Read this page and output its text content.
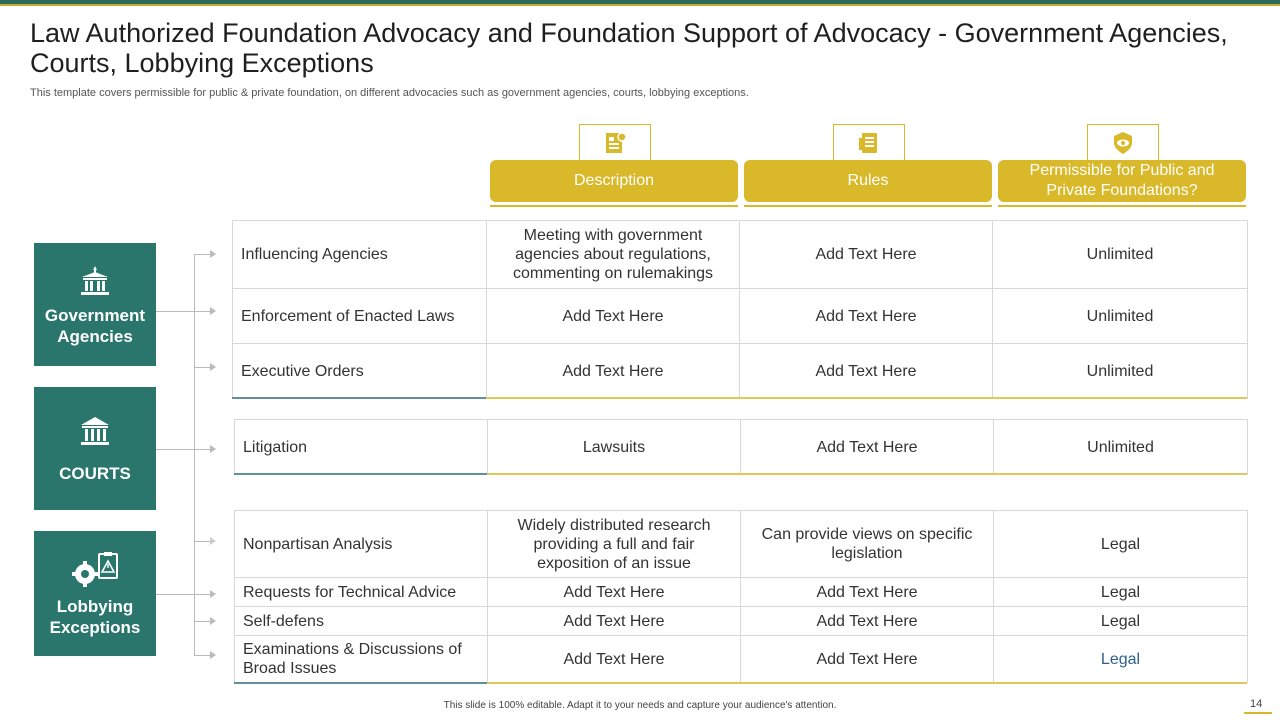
Law Authorized Foundation Advocacy and Foundation Support of Advocacy - Government Agencies, Courts, Lobbying Exceptions
This template covers permissible for public & private foundation, on different advocacies such as government agencies, courts, lobbying exceptions.
Description	Rules
Permissible for Public and Private Foundations?
Government Agencies
COURTS
Lobbying Exceptions
Influencing Agencies	Meeting with government agencies about regulations, commenting on rulemakings	Add Text Here	Unlimited
Enforcement of Enacted Laws	Add Text Here	Add Text Here	Unlimited
Executive Orders	Add Text Here	Add Text Here	Unlimited
Litigation	Lawsuits	Add Text Here	Unlimited
Nonpartisan Analysis	Widely distributed research providing a full and fair exposition of an issue	Can provide views on specific legislation	Legal
Requests for Technical Advice	Add Text Here	Add Text Here	Legal
Self-defens	Add Text Here	Add Text Here	Legal
Examinations & Discussions of Broad Issues	Add Text Here	Add Text Here	Legal
This slide is 100% editable. Adapt it to your needs and capture your audience's attention.	14
